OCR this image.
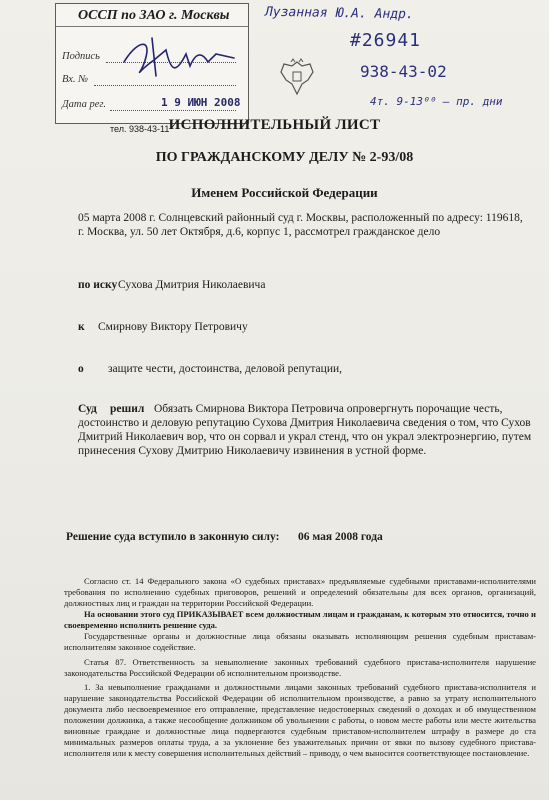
ОССП по ЗАО г. Москвы
Подпись
Вх. №
Дата рег.	1 9 ИЮН 2008
тел. 938-43-11
Лузанная Ю.А. Андр.
#26941
938-43-02
4т. 9-13⁰⁰ – пр. дни
ИСПОЛНИТЕЛЬНЫЙ ЛИСТ
ПО ГРАЖДАНСКОМУ ДЕЛУ № 2-93/08
Именем Российской Федерации
05 марта 2008 г. Солнцевский районный суд г. Москвы, расположенный по адресу: 119618,
г. Москва, ул. 50 лет Октября, д.6, корпус 1, рассмотрел гражданское дело
по иску Сухова Дмитрия Николаевича
к Смирнову Виктору Петровичу
о защите чести, достоинства, деловой репутации,
Суд решил Обязать Смирнова Виктора Петровича опровергнуть порочащие честь,
достоинство и деловую репутацию Сухова Дмитрия Николаевича сведения о том, что Сухов
Дмитрий Николаевич вор, что он сорвал и украл стенд, что он украл электроэнергию, путем
принесения Сухову Дмитрию Николаевичу извинения в устной форме.
Решение суда вступило в законную силу: 06 мая 2008 года

Согласно ст. 14 Федерального закона «О судебных приставах» предъявляемые судебными приставами-исполнителями требования по исполнению судебных приговоров, решений и определений обязательны для всех органов, организаций, должностных лиц и граждан на территории Российской Федерации.

На основании этого суд ПРИКАЗЫВАЕТ всем должностным лицам и гражданам, к которым это относится, точно и своевременно исполнить решение суда.

Государственные органы и должностные лица обязаны оказывать исполняющим решения судебным приставам-исполнителям законное содействие.

Статья 87. Ответственность за невыполнение законных требований судебного пристава-исполнителя нарушение законодательства Российской Федерации об исполнительном производстве.

1. За невыполнение гражданами и должностными лицами законных требований судебного пристава-исполнителя и нарушение законодательства Российской Федерации об исполнительном производстве, а равно за утрату исполнительного документа либо несвоевременное его отправление, представление недостоверных сведений о доходах и об имущественном положении должника, а также несообщение должником об увольнении с работы, о новом месте работы или месте жительства виновные граждане и должностные лица подвергаются судебным приставом-исполнителем штрафу в размере до ста минимальных размеров оплаты труда, а за уклонение без уважительных причин от явки по вызову судебного пристава-исполнителя или к месту совершения исполнительных действий – приводу, о чем выносится соответствующее постановление.
